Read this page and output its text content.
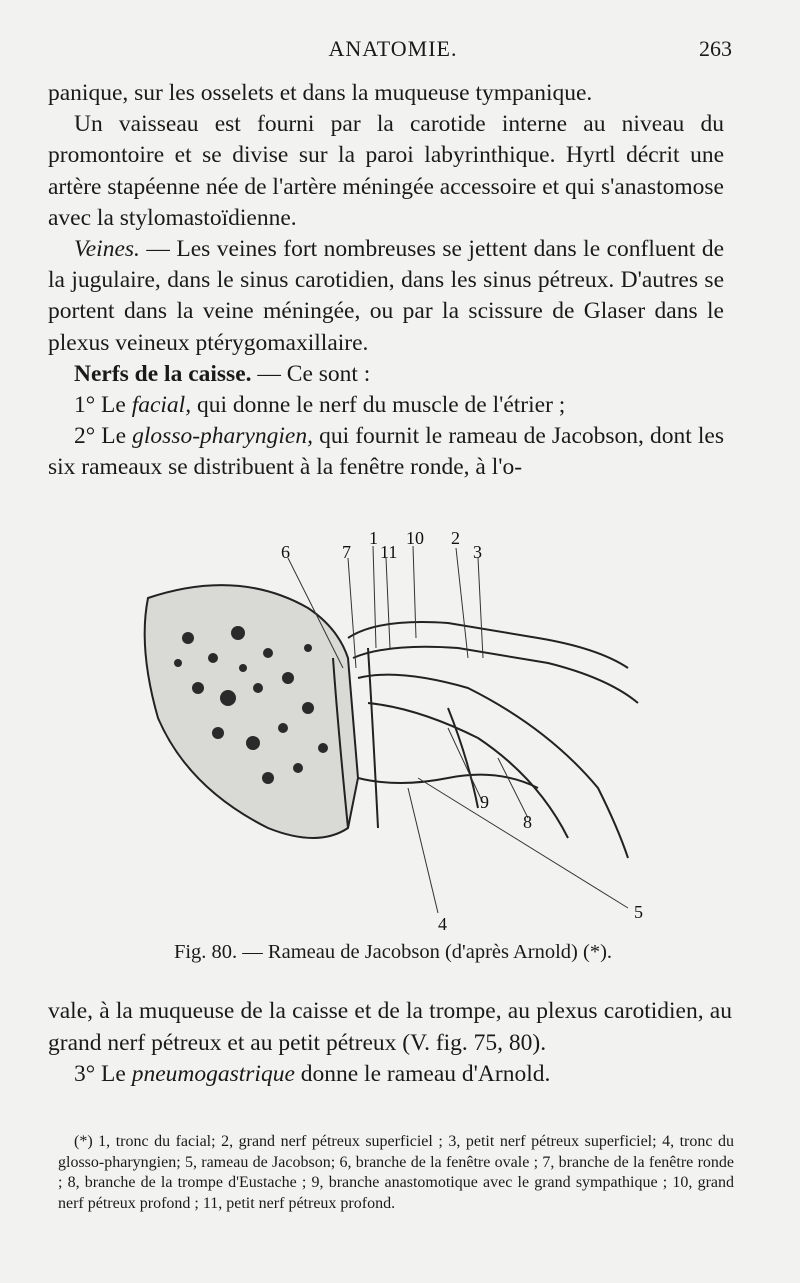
ANATOMIE.	263

panique, sur les osselets et dans la muqueuse tympanique.

Un vaisseau est fourni par la carotide interne au niveau du promontoire et se divise sur la paroi labyrinthique. Hyrtl décrit une artère stapéenne née de l'artère méningée accessoire et qui s'anastomose avec la stylomastoïdienne.

Veines. — Les veines fort nombreuses se jettent dans le confluent de la jugulaire, dans le sinus carotidien, dans les sinus pétreux. D'autres se portent dans la veine méningée, ou par la scissure de Glaser dans le plexus veineux ptérygomaxillaire.

Nerfs de la caisse. — Ce sont :

1° Le facial, qui donne le nerf du muscle de l'étrier ;

2° Le glosso-pharyngien, qui fournit le rameau de Jacobson, dont les six rameaux se distribuent à la fenêtre ronde, à l'o-

6	7
1
11
10 2
3
9
8
4
5
Fig. 80. — Rameau de Jacobson (d'après Arnold) (*).

vale, à la muqueuse de la caisse et de la trompe, au plexus carotidien, au grand nerf pétreux et au petit pétreux (V. fig. 75, 80).

3° Le pneumogastrique donne le rameau d'Arnold.

(*) 1, tronc du facial; 2, grand nerf pétreux superficiel ; 3, petit nerf pétreux superficiel; 4, tronc du glosso-pharyngien; 5, rameau de Jacobson; 6, branche de la fenêtre ovale ; 7, branche de la fenêtre ronde ; 8, branche de la trompe d'Eustache ; 9, branche anastomotique avec le grand sympathique ; 10, grand nerf pétreux profond ; 11, petit nerf pétreux profond.
